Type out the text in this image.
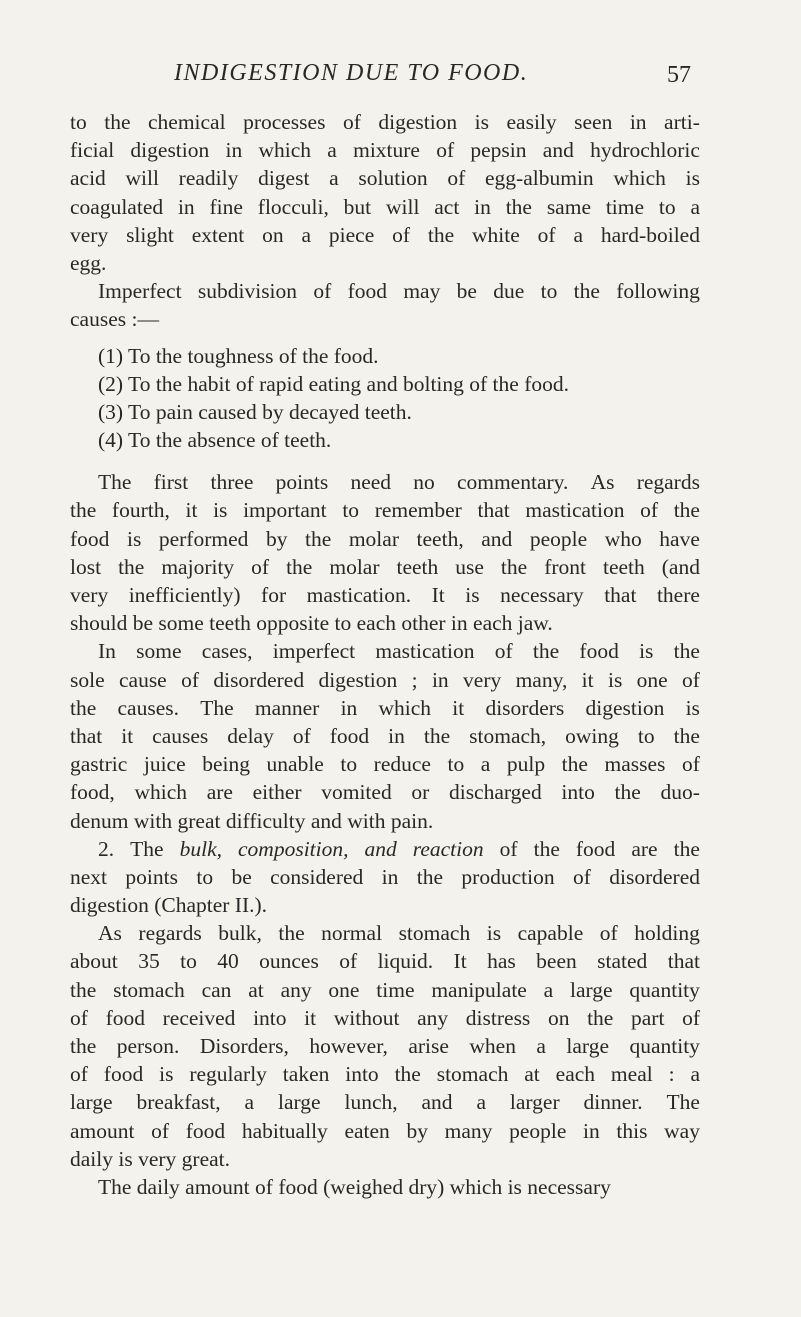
INDIGESTION DUE TO FOOD.	57
to the chemical processes of digestion is easily seen in arti-
ficial digestion in which a mixture of pepsin and hydrochloric
acid will readily digest a solution of egg-albumin which is
coagulated in fine flocculi, but will act in the same time to a
very slight extent on a piece of the white of a hard-boiled
egg.
Imperfect subdivision of food may be due to the following
causes :—
(1) To the toughness of the food.
(2) To the habit of rapid eating and bolting of the food.
(3) To pain caused by decayed teeth.
(4) To the absence of teeth.
The first three points need no commentary. As regards
the fourth, it is important to remember that mastication of the
food is performed by the molar teeth, and people who have
lost the majority of the molar teeth use the front teeth (and
very inefficiently) for mastication. It is necessary that there
should be some teeth opposite to each other in each jaw.
In some cases, imperfect mastication of the food is the
sole cause of disordered digestion ; in very many, it is one of
the causes. The manner in which it disorders digestion is
that it causes delay of food in the stomach, owing to the
gastric juice being unable to reduce to a pulp the masses of
food, which are either vomited or discharged into the duo-
denum with great difficulty and with pain.
2. The bulk, composition, and reaction of the food are the
next points to be considered in the production of disordered
digestion (Chapter II.).
As regards bulk, the normal stomach is capable of holding
about 35 to 40 ounces of liquid. It has been stated that
the stomach can at any one time manipulate a large quantity
of food received into it without any distress on the part of
the person. Disorders, however, arise when a large quantity
of food is regularly taken into the stomach at each meal : a
large breakfast, a large lunch, and a larger dinner. The
amount of food habitually eaten by many people in this way
daily is very great.
The daily amount of food (weighed dry) which is necessary
